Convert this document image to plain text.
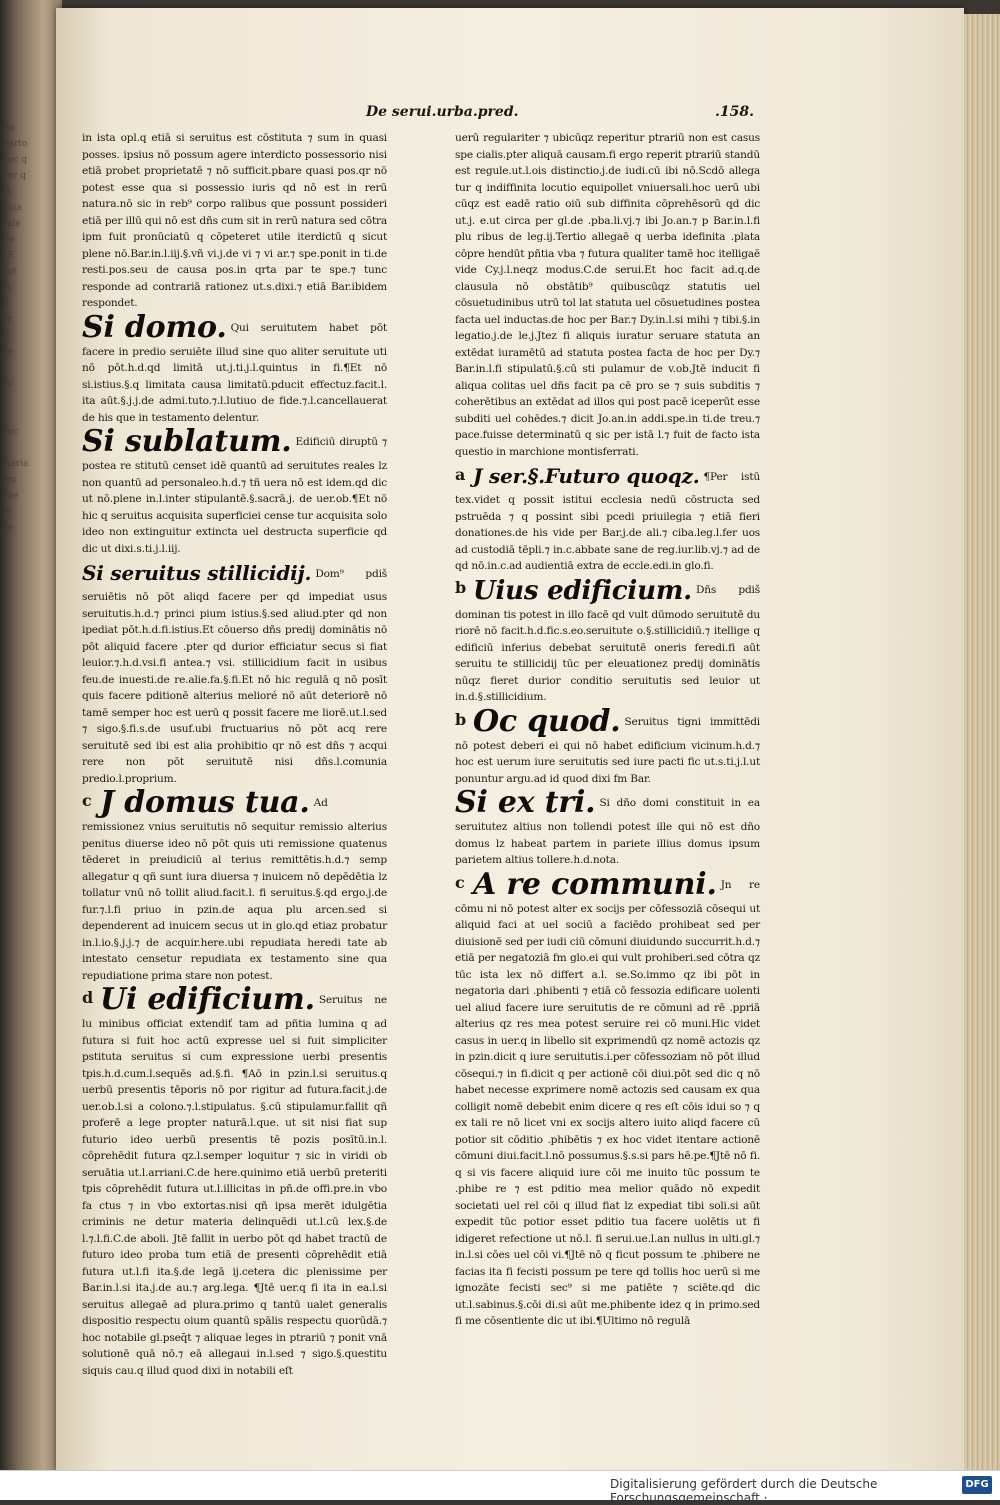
Ita
Barto
hoc q
per q
ta
quia
Tale
De
LE
not
in
ti
er
si
de
t
bo
r
t
boc
t
maria
feu
mie
re
de
De serui.urba.pred.	.158.

in ista opl.q etiā si seruitus est cōstituta ⁊ sum in quasi posses. ipsius nō possum agere interdicto possessorio nisi etiā probet proprietatē ⁊ nō sufficit.pbare quasi pos.qr nō potest esse qua si possessio iuris qd nō est in rerū natura.nō sic in reb⁹ corpo ralibus que possunt possideri etiā per illū qui nō est dñs cum sit in rerū natura sed cōtra ipm fuit pronūciatū q cōpeteret utile iterdictū q sicut plene nō.Bar.in.l.iij.§.vñ vi.j.de vi ⁊ vi ar.⁊ spe.ponit in ti.de resti.pos.seu de causa pos.in qrta par te spe.⁊ tunc responde ad contrariā rationez ut.s.dixi.⁊ etiā Bar.ibidem respondet.

Si domo. Qui seruitutem habet pōt facere in predio seruiēte illud sine quo aliter seruitute uti nō pōt.h.d.qd limitā ut.j.ti.j.l.quintus in fi.¶Et nō si.istius.§.q limitata causa limitatū.pducit effectuz.facit.l. ita aūt.§.j.j.de admi.tuto.⁊.l.lutiuo de fide.⁊.l.cancellauerat de his que in testamento delentur.

Si sublatum. Edificiū diruptū ⁊ postea re stitutū censet idē quantū ad seruitutes reales lz non quantū ad personaleo.h.d.⁊ tñ uera nō est idem.qd dic ut nō.plene in.l.inter stipulantē.§.sacrā.j. de uer.ob.¶Et nō hic q seruitus acquisita superficiei cense tur acquisita solo ideo non extinguitur extincta uel destructa superficie qd dic ut dixi.s.ti.j.l.iij.

Si seruitus stillicidij. Dom⁹ pdiš seruiētis nō pōt aliqd facere per qd impediat usus seruitutis.h.d.⁊ princi pium istius.§.sed aliud.pter qd non ipediat pōt.h.d.fi.istius.Et cōuerso dñs predij dominātis nō pōt aliquid facere .pter qd durior efficiatur secus si fiat leuior.⁊.h.d.vsi.fi antea.⁊ vsi. stillicidium facit in usibus feu.de inuesti.de re.alie.fa.§.fi.Et nō hic regulā q nō posīt quis facere pditionē alterius melioré nō aūt deteriorē nō tamē semper hoc est uerū q possit facere me liorē.ut.l.sed ⁊ sigo.§.fi.s.de usuf.ubi fructuarius nō pōt acq rere seruitutē sed ibi est alia prohibitio qr nō est dñs ⁊ acqui rere non pōt seruitutē nisi dñs.l.comunia predio.l.proprium.

c J domus tua. Ad remissionez vnius seruitutis nō sequitur remissio alterius penitus diuerse ideo nō pōt quis uti remissione quatenus tēderet in preiudiciū al terius remittētis.h.d.⁊ semp allegatur q qñ sunt iura diuersa ⁊ inuicem nō depēdētia lz tollatur vnū nō tollit aliud.facit.l. fi seruitus.§.qd ergo.j.de fur.⁊.l.fi priuo in pzin.de aqua plu arcen.sed si dependerent ad inuicem secus ut in glo.qd etiaz probatur in.l.io.§.j.j.⁊ de acquir.here.ubi repudiata heredi tate ab intestato censetur repudiata ex testamento sine qua repudiatione prima stare non potest.

d Ui edificium. Seruitus ne lu minibus officiat extendiť tam ad pñtia lumina q ad futura si fuit hoc actū expresse uel si fuit simpliciter pstituta seruitus si cum expressione uerbi presentis tpis.h.d.cum.l.sequēs ad.§.fi. ¶Aō in pzin.l.si seruitus.q uerbū presentis tēporis nō por rigitur ad futura.facit.j.de uer.ob.l.si a colono.⁊.l.stipulatus. §.cū stipulamur.fallit qñ proferē a lege propter naturā.l.que. ut sit nisi fiat sup futurio ideo uerbū presentis tē pozis posītū.in.l. cōprehēdit futura qz.l.semper loquitur ⁊ sic in viridi ob seruātia ut.l.arriani.C.de here.quinimo etiā uerbū preteriti tpis cōprehēdit futura ut.l.illicitas in pñ.de offi.pre.in vbo fa ctus ⁊ in vbo extortas.nisi qñ ipsa merēt idulgētia criminis ne detur materia delinquēdi ut.l.cū lex.§.de l.⁊.l.fi.C.de aboli. Jtē fallit in uerbo pōt qd habet tractū de futuro ideo proba tum etiā de presenti cōprehēdit etiā futura ut.l.fi ita.§.de legā ij.cetera dic plenissime per Bar.in.l.si ita.j.de au.⁊ arg.lega. ¶Jtē uer.q fi ita in ea.l.si seruitus allegaē ad plura.primo q tantū ualet generalis dispositio respectu oium quantū spālis respectu quorūdā.⁊ hoc notabile gl.pseq̄t ⁊ aliquae leges in ptrariū ⁊ ponit vnā solutionē quā nō.⁊ eā allegaui in.l.sed ⁊ sigo.§.questitu siquis cau.q illud quod dixi in notabili eſt

uerū regulariter ⁊ ubicūqz reperitur ptrariū non est casus spe cialis.pter aliquā causam.fi ergo reperit ptrariū standū est regule.ut.l.ois distinctio.j.de iudi.cū ibi nō.Scdō allega tur q indiffinita locutio equipollet vniuersali.hoc uerū ubi cūqz est eadē ratio oiū sub diffinita cōprehēsorū qd dic ut.j. e.ut circa per gl.de .pba.li.vj.⁊ ibi Jo.an.⁊ p Bar.in.l.fi plu ribus de leg.ij.Tertio allegaē q uerba idefinita .plata cōpre hendūt pñtia vba ⁊ futura qualiter tamē hoc itelligaē vide Cy.j.l.neqz modus.C.de serui.Et hoc facit ad.q.de clausula nō obstātib⁹ quibuscūqz statutis uel cōsuetudinibus utrū tol lat statuta uel cōsuetudines postea facta uel inductas.de hoc per Bar.⁊ Dy.in.l.si mihi ⁊ tibi.§.in legatio.j.de le.j.Jtez fi aliquis iuratur seruare statuta an extēdat iuramētū ad statuta postea facta de hoc per Dy.⁊ Bar.in.l.fi stipulatū.§.cū sti pulamur de v.ob.Jtē inducit fi aliqua colitas uel dñs facit pa cē pro se ⁊ suis subditis ⁊ coherētibus an extēdat ad illos qui post pacē iceperūt esse subditi uel cohēdes.⁊ dicit Jo.an.in addi.spe.in ti.de treu.⁊ pace.fuisse determinatū q sic per istā l.⁊ fuit de facto ista questio in marchione montisferrati.

a J ser.§.Futuro quoqz. ¶Per istū tex.videt q possit istitui ecclesia nedū cōstructa sed pstruēda ⁊ q possint sibi pcedi priuilegia ⁊ etiā fieri donationes.de his vide per Bar.j.de ali.⁊ ciba.leg.l.fer uos ad custodiā tēpli.⁊ in.c.abbate sane de reg.iur.lib.vj.⁊ ad de qd nō.in.c.ad audientiā extra de eccle.edi.in glo.fi.

b Uius edificium. Dñs pdiš dominan tis potest in illo facē qd vult dūmodo seruitutē du riorē nō facit.h.d.fic.s.eo.seruitute o.§.stillicidiū.⁊ itellige q edificiū inferius debebat seruitutē oneris feredi.fi aūt seruitu te stillicidij tūc per eleuationez predij dominātis nūqz fieret durior conditio seruitutis sed leuior ut in.d.§.stillicidium.

b Oc quod. Seruitus tigni immittēdi nō potest deberi ei qui nō habet edificium vicinum.h.d.⁊ hoc est uerum iure seruitutis sed iure pacti fic ut.s.ti.j.l.ut ponuntur argu.ad id quod dixi fm Bar.

Si ex tri. Si dño domi constituit in ea seruitutez altius non tollendi potest ille qui nō est dño domus lz habeat partem in pariete illius domus ipsum parietem altius tollere.h.d.nota.

c A re communi. Jn re cōmu ni nō potest alter ex socijs per cōfessoziā cōsequi ut aliquid faci at uel sociū a faciēdo prohibeat sed per diuisionē sed per iudi ciū cōmuni diuidundo succurrit.h.d.⁊ etiā per negatoziā fm glo.ei qui vult prohiberi.sed cōtra qz tūc ista lex nō differt a.l. se.So.immo qz ibi pōt in negatoria dari .phibenti ⁊ etiā cō fessozia edificare uolenti uel aliud facere iure seruitutis de re cōmuni ad rē .ppriā alterius qz res mea potest seruire rei cō muni.Hic videt casus in uer.q in libello sit exprimendū qz nomē actozis qz in pzin.dicit q iure seruitutis.i.per cōfessoziam nō pōt illud cōsequi.⁊ in fi.dicit q per actionē cōi diui.pōt sed dic q nō habet necesse exprimere nomē actozis sed causam ex qua colligit nomē debebit enim dicere q res eſt cōis idui so ⁊ q ex tali re nō licet vni ex socijs altero iuito aliqd facere cū potior sit cōditio .phibētis ⁊ ex hoc videt itentare actionē cōmuni diui.facit.l.nō possumus.§.s.si pars hē.pe.¶Jtē nō fi. q si vis facere aliquid iure cōi me inuito tūc possum te .phibe re ⁊ est pditio mea melior quādo nō expedit societati uel rel cōi q illud fiat lz expediat tibi soli.si aūt expedit tūc potior esset pditio tua facere uolētis ut fi idigeret refectione ut nō.l. fi serui.ue.l.an nullus in ulti.gl.⁊ in.l.si cōes uel cōi vi.¶Jtē nō q ficut possum te .phibere ne facias ita fi fecisti possum pe tere qd tollis hoc uerū si me ignozāte fecisti sec⁹ si me patiēte ⁊ sciēte.qd dic ut.l.sabinus.§.cōi di.si aūt me.phibente idez q in primo.sed fi me cōsentiente dic ut ibi.¶Ultimo nō regulā

Digitalisierung gefördert durch die Deutsche Forschungsgemeinschaft ·
DFG
